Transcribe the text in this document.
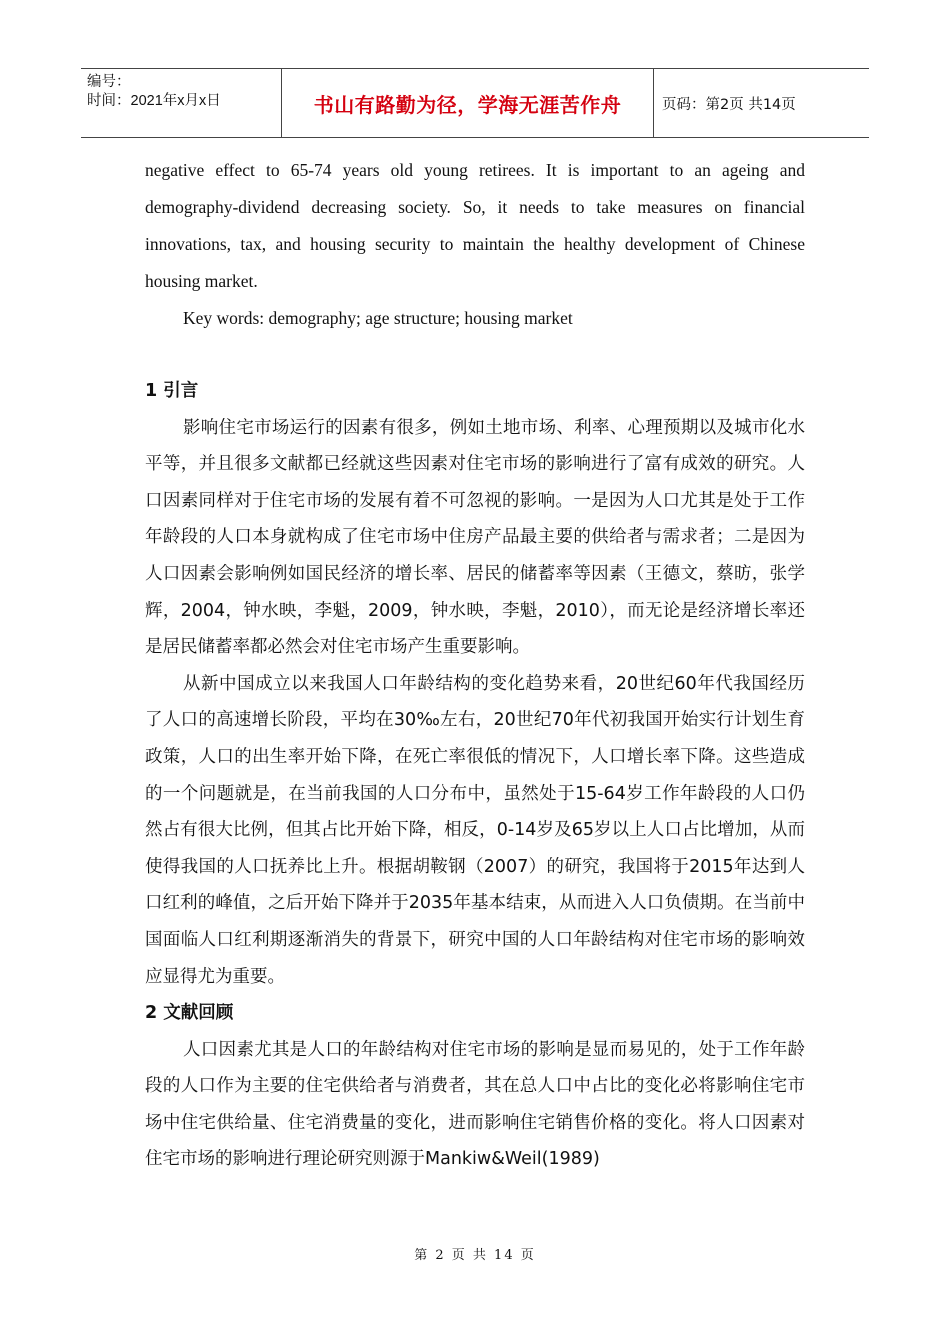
编号：
时间：2021年x月x日	书山有路勤为径，学海无涯苦作舟	页码：第2页 共14页

negative effect to 65-74 years old young retirees. It is important to an ageing and demography-dividend decreasing society. So, it needs to take measures on financial innovations, tax, and housing security to maintain the healthy development of Chinese housing market.

Key words: demography; age structure; housing market

1 引言

影响住宅市场运行的因素有很多，例如土地市场、利率、心理预期以及城市化水平等，并且很多文献都已经就这些因素对住宅市场的影响进行了富有成效的研究。人口因素同样对于住宅市场的发展有着不可忽视的影响。一是因为人口尤其是处于工作年龄段的人口本身就构成了住宅市场中住房产品最主要的供给者与需求者；二是因为人口因素会影响例如国民经济的增长率、居民的储蓄率等因素（王德文，蔡昉，张学辉，2004，钟水映，李魁，2009，钟水映，李魁，2010），而无论是经济增长率还是居民储蓄率都必然会对住宅市场产生重要影响。

从新中国成立以来我国人口年龄结构的变化趋势来看，20世纪60年代我国经历了人口的高速增长阶段，平均在30‰左右，20世纪70年代初我国开始实行计划生育政策，人口的出生率开始下降，在死亡率很低的情况下，人口增长率下降。这些造成的一个问题就是，在当前我国的人口分布中，虽然处于15-64岁工作年龄段的人口仍然占有很大比例，但其占比开始下降，相反，0-14岁及65岁以上人口占比增加，从而使得我国的人口抚养比上升。根据胡鞍钢（2007）的研究，我国将于2015年达到人口红利的峰值，之后开始下降并于2035年基本结束，从而进入人口负债期。在当前中国面临人口红利期逐渐消失的背景下，研究中国的人口年龄结构对住宅市场的影响效应显得尤为重要。

2 文献回顾

人口因素尤其是人口的年龄结构对住宅市场的影响是显而易见的，处于工作年龄段的人口作为主要的住宅供给者与消费者，其在总人口中占比的变化必将影响住宅市场中住宅供给量、住宅消费量的变化，进而影响住宅销售价格的变化。将人口因素对住宅市场的影响进行理论研究则源于Mankiw&Weil(1989)

第 2 页 共 14 页
